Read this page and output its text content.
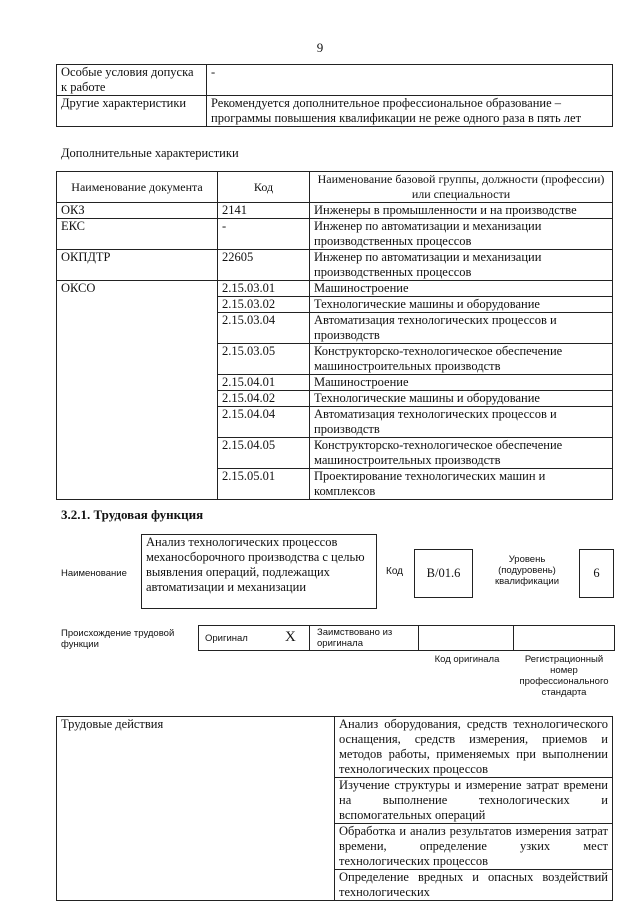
9
Особые условия допуска к работе	-
Другие характеристики	Рекомендуется дополнительное профессиональное образование – программы повышения квалификации не реже одного раза в пять лет
Дополнительные характеристики
Наименование документа	Код	Наименование базовой группы, должности (профессии) или специальности
ОКЗ	2141	Инженеры в промышленности и на производстве
ЕКС	-	Инженер по автоматизации и механизации производственных процессов
ОКПДТР	22605	Инженер по автоматизации и механизации производственных процессов
ОКСО	2.15.03.01	Машиностроение
	2.15.03.02	Технологические машины и оборудование
	2.15.03.04	Автоматизация технологических процессов и производств
	2.15.03.05	Конструкторско-технологическое обеспечение машиностроительных производств
	2.15.04.01	Машиностроение
	2.15.04.02	Технологические машины и оборудование
	2.15.04.04	Автоматизация технологических процессов и производств
	2.15.04.05	Конструкторско-технологическое обеспечение машиностроительных производств
	2.15.05.01	Проектирование технологических машин и комплексов
3.2.1. Трудовая функция
Наименование
Анализ технологических процессов механосборочного производства с целью выявления операций, подлежащих автоматизации и механизации
Код	В/01.6
Уровень (подуровень) квалификации
6
Происхождение трудовой функции
Оригинал X Заимствовано из оригинала
Код оригинала	Регистрационный номер профессионального стандарта
Трудовые действия	Анализ оборудования, средств технологического оснащения, средств измерения, приемов и методов работы, применяемых при выполнении технологических процессов
Изучение структуры и измерение затрат времени на выполнение технологических и вспомогательных операций
Обработка и анализ результатов измерения затрат времени, определение узких мест технологических процессов
Определение вредных и опасных воздействий технологических
